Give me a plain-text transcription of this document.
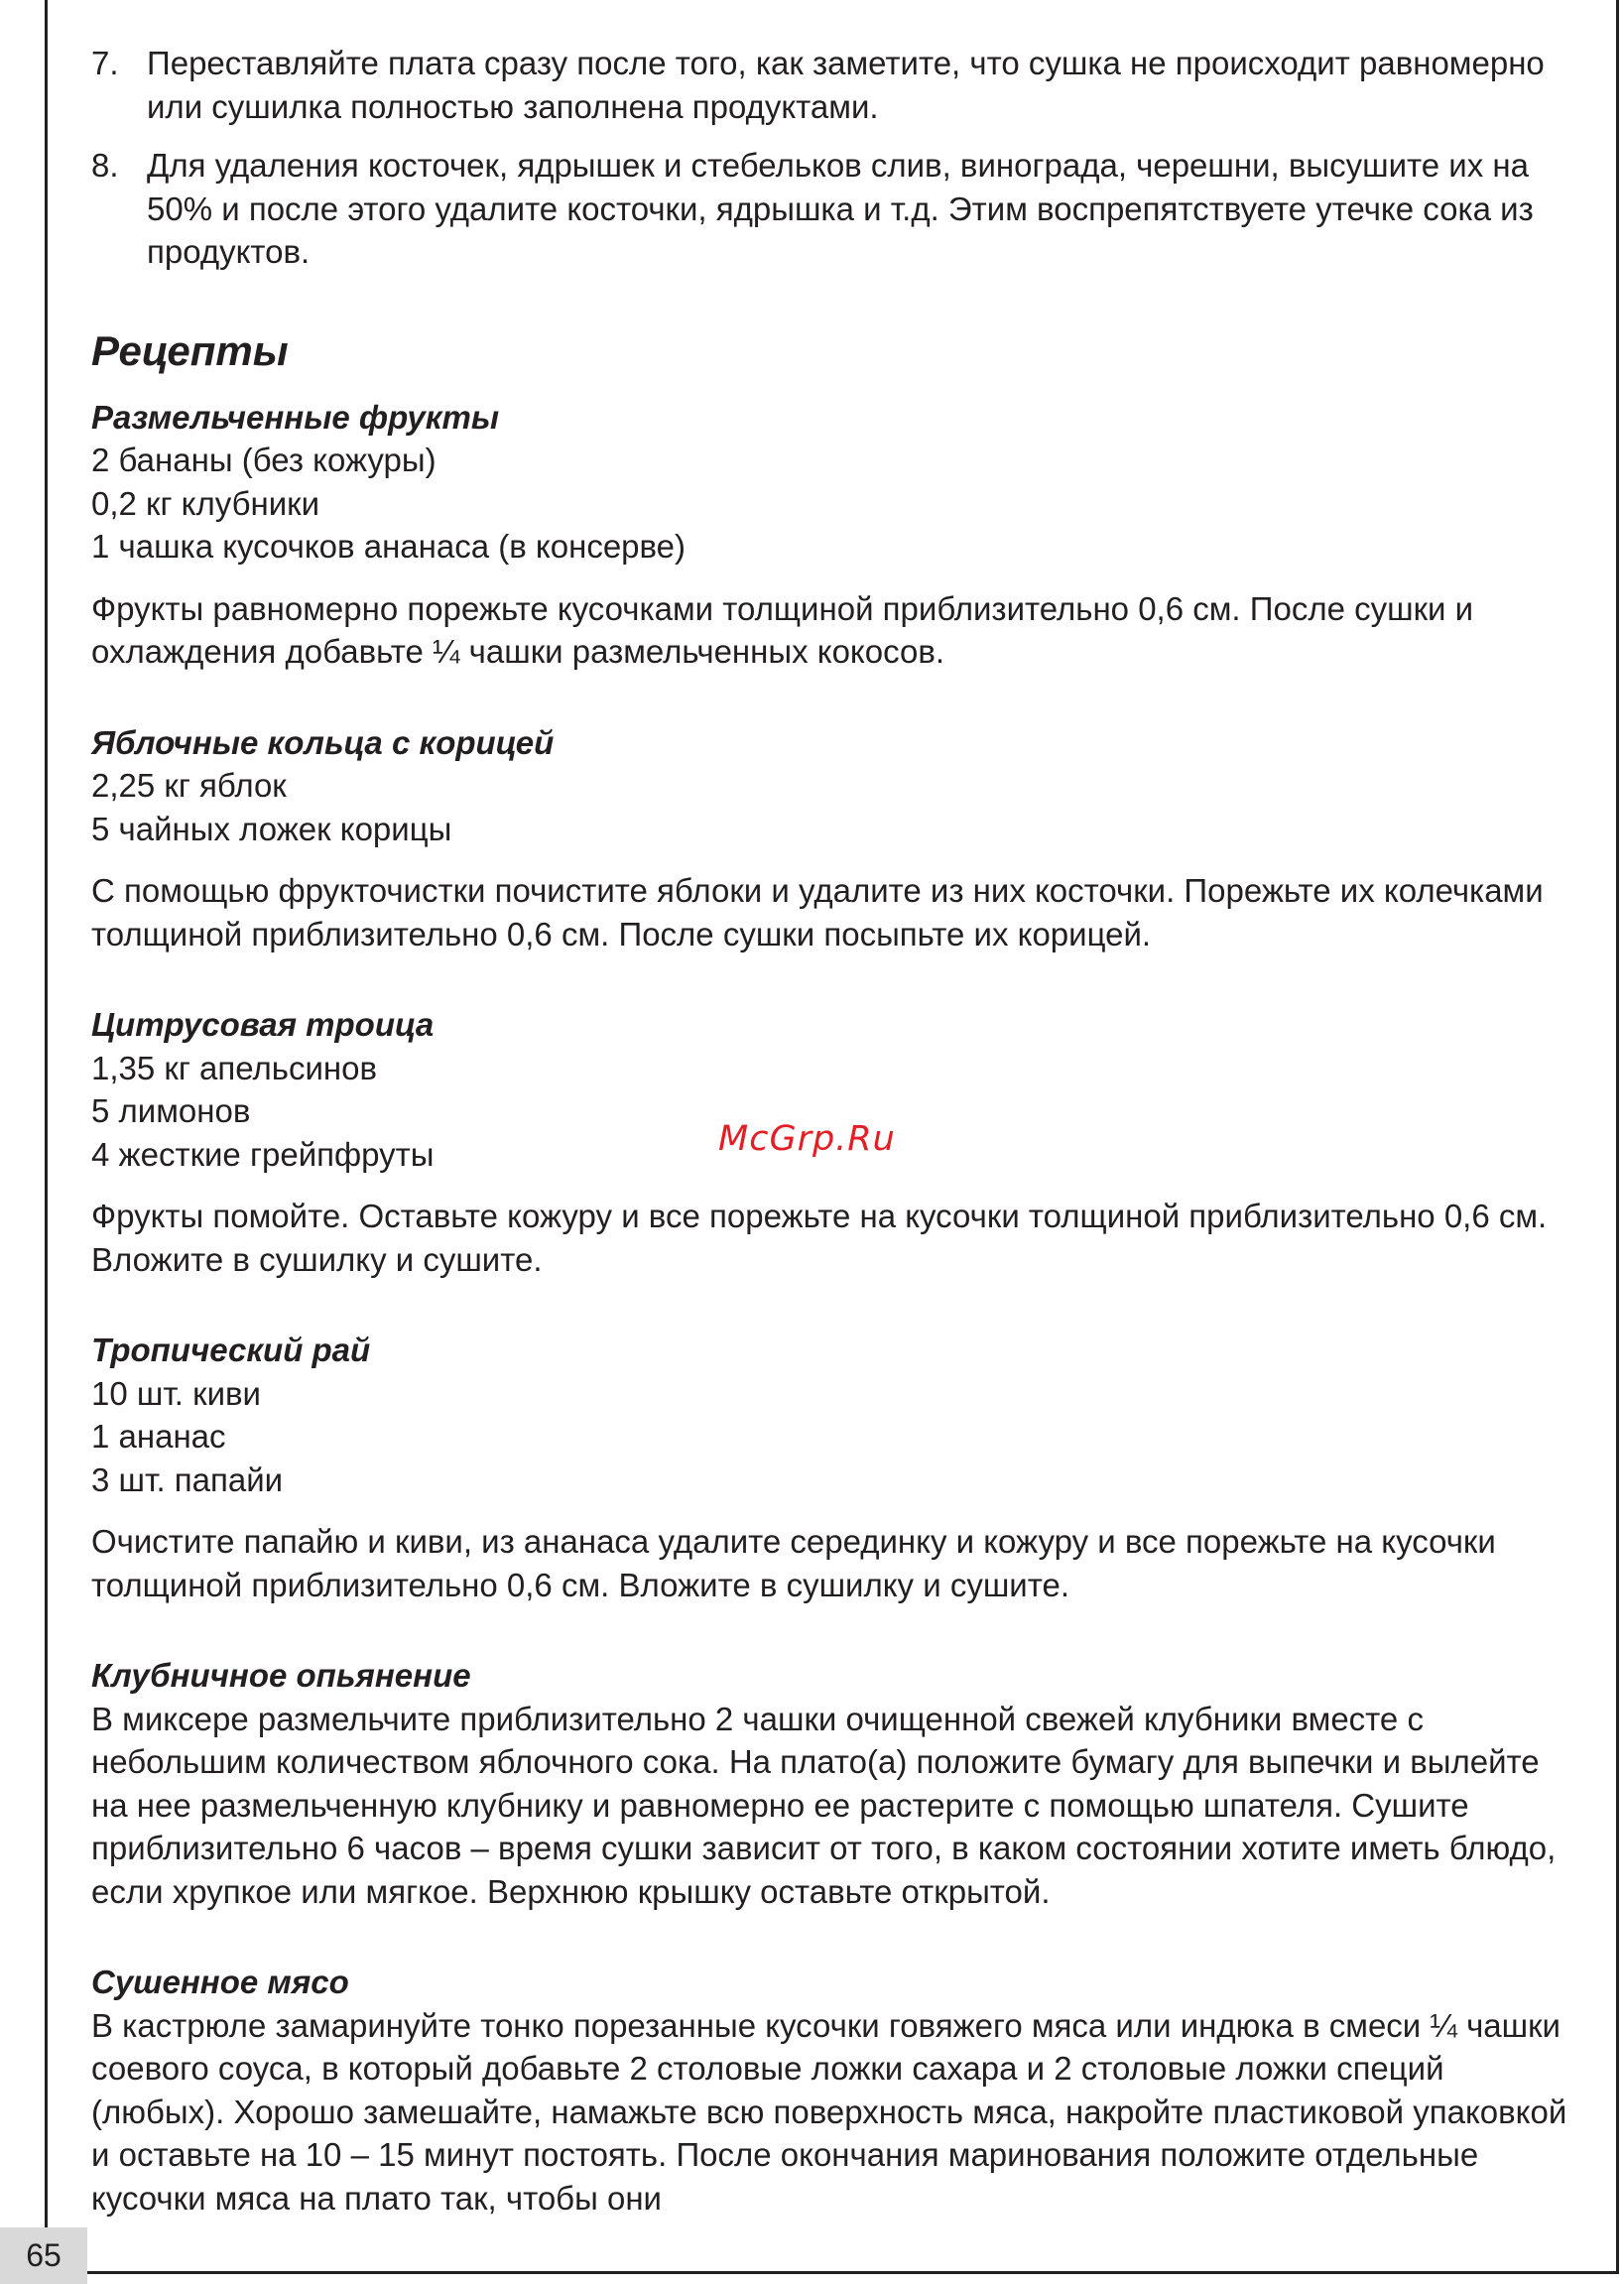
7. Переставляйте плата сразу после того, как заметите, что сушка не происходит равномерно или сушилка полностью заполнена продуктами.
8. Для удаления косточек, ядрышек и стебельков слив, винограда, черешни, высушите их на 50% и после этого удалите косточки, ядрышка и т.д. Этим воспрепятствуете утечке сока из продуктов.
Рецепты
Размельченные фрукты

2 бананы (без кожуры)

0,2 кг клубники

1 чашка кусочков ананаса (в консерве)

Фрукты равномерно порежьте кусочками толщиной приблизительно 0,6 см. После сушки и охлаждения добавьте ¼ чашки размельченных кокосов.
Яблочные кольца с корицей

2,25 кг яблок

5 чайных ложек корицы

С помощью фрукточистки почистите яблоки и удалите из них косточки. Порежьте их колечками толщиной приблизительно 0,6 см. После сушки посыпьте их корицей.
Цитрусовая троица

1,35 кг апельсинов

5 лимонов

4 жесткие грейпфруты

Фрукты помойте. Оставьте кожуру и все порежьте на кусочки толщиной приблизительно 0,6 см. Вложите в сушилку и сушите.
Тропический рай

10 шт. киви

1 ананас

3 шт. папайи

Очистите папайю и киви, из ананаса удалите серединку и кожуру и все порежьте на кусочки толщиной приблизительно 0,6 см. Вложите в сушилку и сушите.
Клубничное опьянение
В миксере размельчите приблизительно 2 чашки очищенной свежей клубники вместе с небольшим количеством яблочного сока. На плато(а) положите бумагу для выпечки и вылейте на нее размельченную клубнику и равномерно ее растерите с помощью шпателя. Сушите приблизительно 6 часов – время сушки зависит от того, в каком состоянии хотите иметь блюдо, если хрупкое или мягкое. Верхнюю крышку оставьте открытой.
Сушенное мясо
В кастрюле замаринуйте тонко порезанные кусочки говяжего мяса или индюка в смеси ¼ чашки соевого соуса, в который добавьте 2 столовые ложки сахара и 2 столовые ложки специй (любых). Хорошо замешайте, намажьте всю поверхность мяса, накройте пластиковой упаковкой и оставьте на 10 – 15 минут постоять. После окончания маринования положите отдельные кусочки мяса на плато так, чтобы они
McGrp.Ru
65
